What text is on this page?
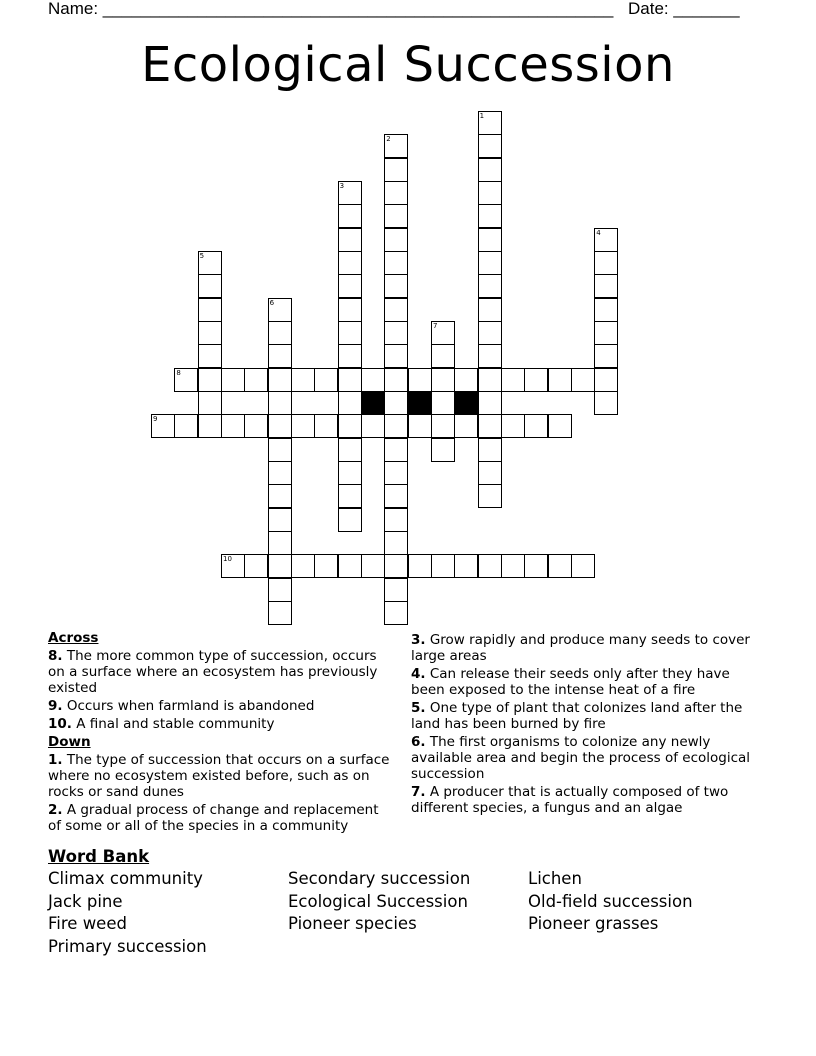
Name: ______________________________________________________ Date: _______
Ecological Succession
1
2
3
4
5
6
7
8
9
10
Across
8. The more common type of succession, occurs on a surface where an ecosystem has previously existed
9. Occurs when farmland is abandoned
10. A final and stable community
Down
1. The type of succession that occurs on a surface where no ecosystem existed before, such as on rocks or sand dunes
2. A gradual process of change and replacement of some or all of the species in a community
3. Grow rapidly and produce many seeds to cover large areas
4. Can release their seeds only after they have been exposed to the intense heat of a fire
5. One type of plant that colonizes land after the land has been burned by fire
6. The first organisms to colonize any newly available area and begin the process of ecological succession
7. A producer that is actually composed of two different species, a fungus and an algae
Word Bank
Climax community
Jack pine
Fire weed
Primary succession
Secondary succession
Ecological Succession
Pioneer species
Lichen
Old-field succession
Pioneer grasses
